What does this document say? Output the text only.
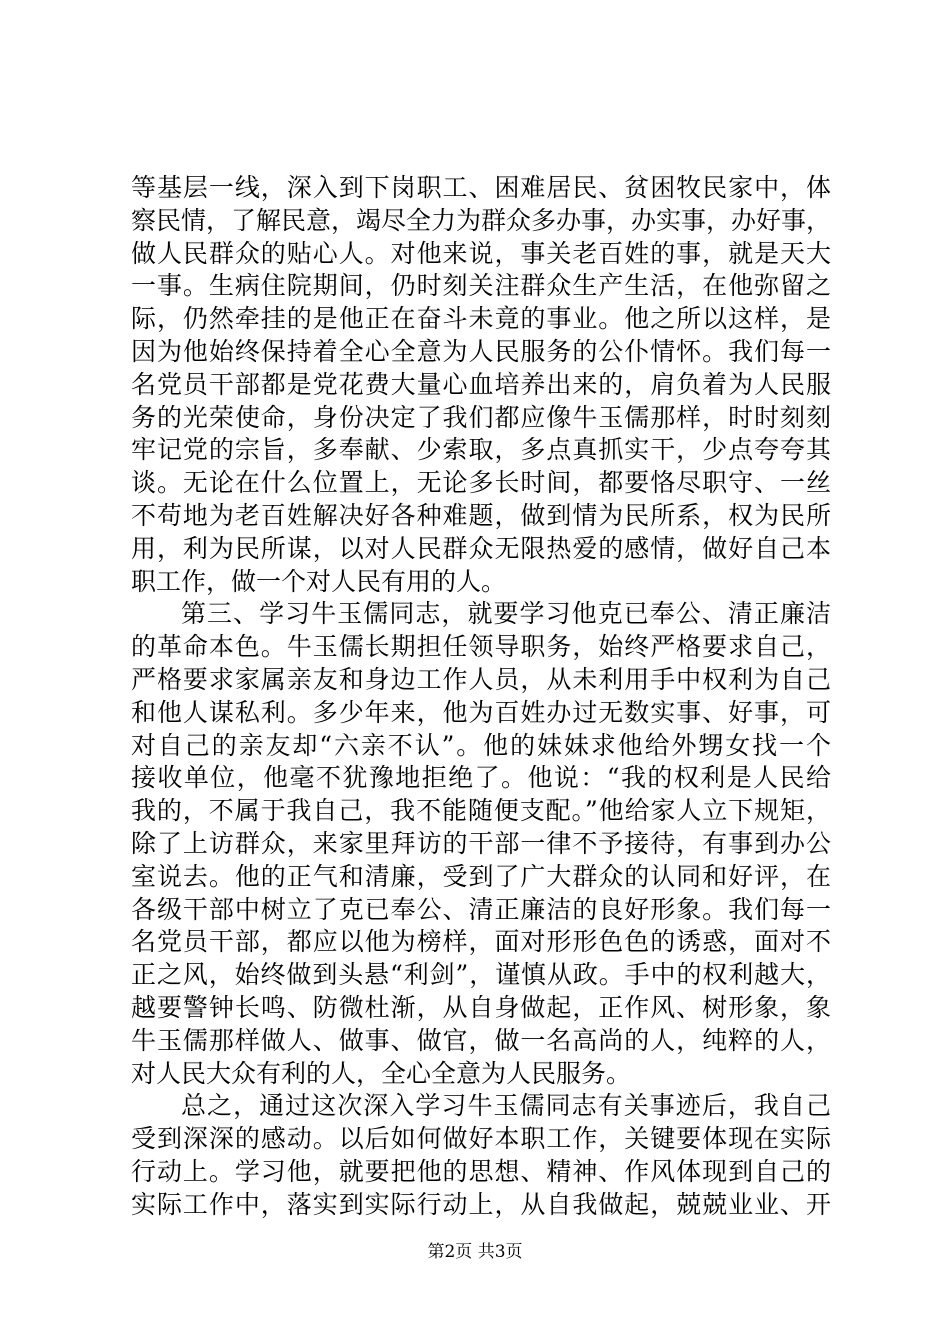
等基层一线，深入到下岗职工、困难居民、贫困牧民家中，体
察民情，了解民意，竭尽全力为群众多办事，办实事，办好事，
做人民群众的贴心人。对他来说，事关老百姓的事，就是天大
一事。生病住院期间，仍时刻关注群众生产生活，在他弥留之
际，仍然牵挂的是他正在奋斗未竟的事业。他之所以这样，是
因为他始终保持着全心全意为人民服务的公仆情怀。我们每一
名党员干部都是党花费大量心血培养出来的，肩负着为人民服
务的光荣使命，身份决定了我们都应像牛玉儒那样，时时刻刻
牢记党的宗旨，多奉献、少索取，多点真抓实干，少点夸夸其
谈。无论在什么位置上，无论多长时间，都要恪尽职守、一丝
不苟地为老百姓解决好各种难题，做到情为民所系，权为民所
用，利为民所谋，以对人民群众无限热爱的感情，做好自己本
职工作，做一个对人民有用的人。
第三、学习牛玉儒同志，就要学习他克已奉公、清正廉洁
的革命本色。牛玉儒长期担任领导职务，始终严格要求自己，
严格要求家属亲友和身边工作人员，从未利用手中权利为自己
和他人谋私利。多少年来，他为百姓办过无数实事、好事，可
对自己的亲友却“六亲不认”。他的妹妹求他给外甥女找一个
接收单位，他毫不犹豫地拒绝了。他说：“我的权利是人民给
我的，不属于我自己，我不能随便支配。”他给家人立下规矩，
除了上访群众，来家里拜访的干部一律不予接待，有事到办公
室说去。他的正气和清廉，受到了广大群众的认同和好评，在
各级干部中树立了克已奉公、清正廉洁的良好形象。我们每一
名党员干部，都应以他为榜样，面对形形色色的诱惑，面对不
正之风，始终做到头悬“利剑”，谨慎从政。手中的权利越大，
越要警钟长鸣、防微杜渐，从自身做起，正作风、树形象，象
牛玉儒那样做人、做事、做官，做一名高尚的人，纯粹的人，
对人民大众有利的人，全心全意为人民服务。
总之，通过这次深入学习牛玉儒同志有关事迹后，我自己
受到深深的感动。以后如何做好本职工作，关键要体现在实际
行动上。学习他，就要把他的思想、精神、作风体现到自己的
实际工作中，落实到实际行动上，从自我做起，兢兢业业、开
第2页 共3页
